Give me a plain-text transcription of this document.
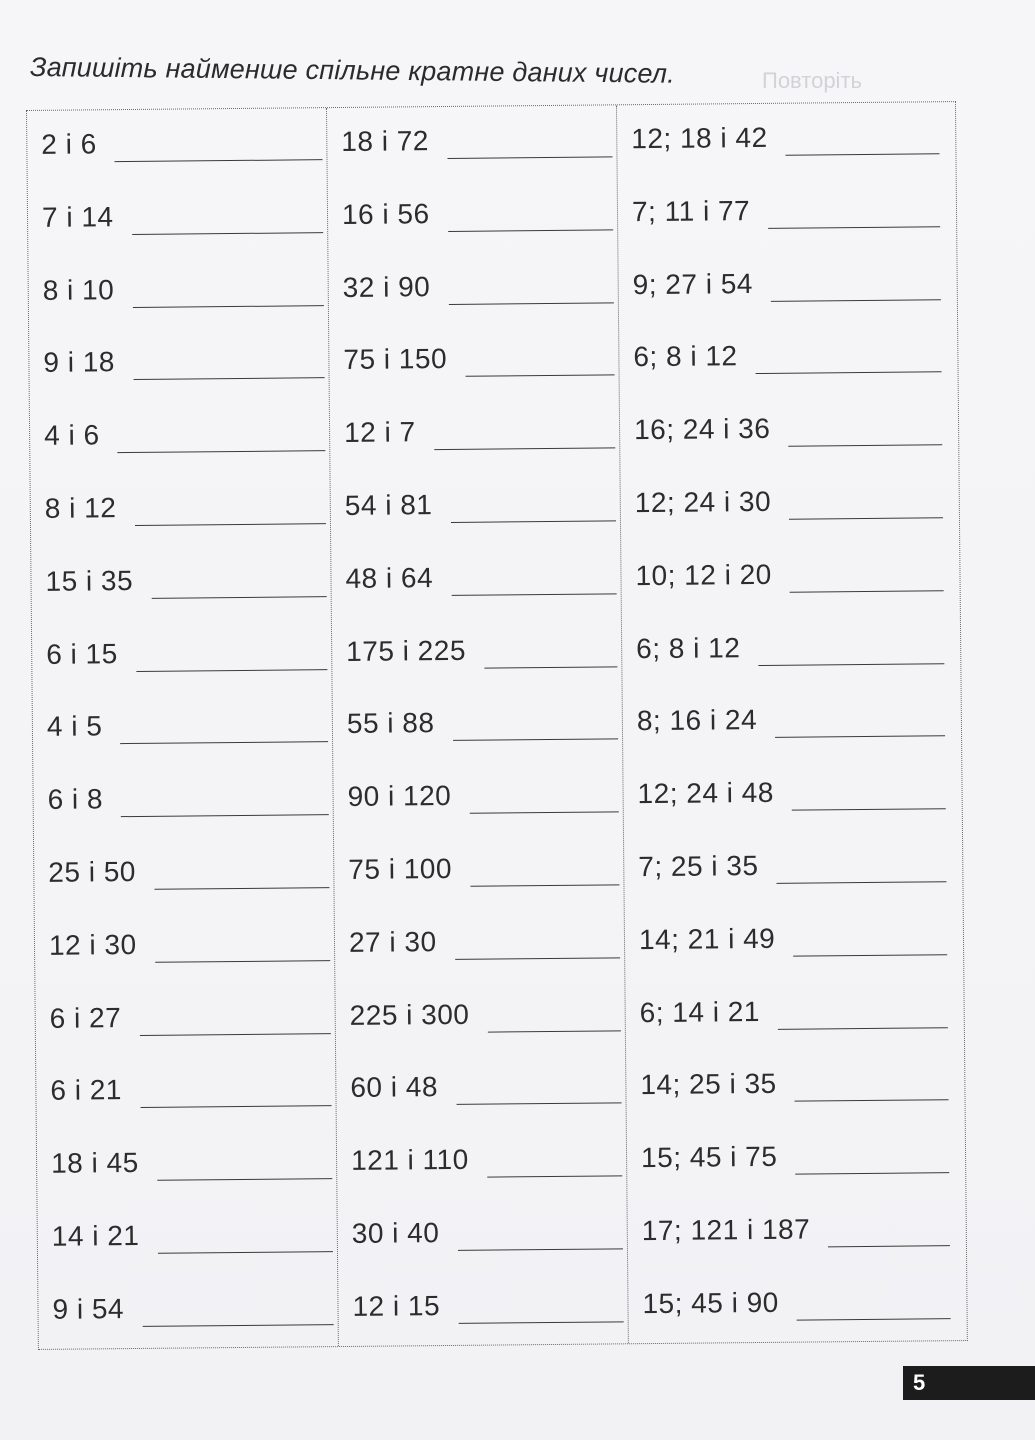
Повторіть
Запишіть найменше спільне кратне даних чисел.
2 і 6
7 і 14
8 і 10
9 і 18
4 і 6
8 і 12
15 і 35
6 і 15
4 і 5
6 і 8
25 і 50
12 і 30
6 і 27
6 і 21
18 і 45
14 і 21
9 і 54
18 і 72
16 і 56
32 і 90
75 і 150
12 і 7
54 і 81
48 і 64
175 і 225
55 і 88
90 і 120
75 і 100
27 і 30
225 і 300
60 і 48
121 і 110
30 і 40
12 і 15
12; 18 і 42
7; 11 і 77
9; 27 і 54
6; 8 і 12
16; 24 і 36
12; 24 і 30
10; 12 і 20
6; 8 і 12
8; 16 і 24
12; 24 і 48
7; 25 і 35
14; 21 і 49
6; 14 і 21
14; 25 і 35
15; 45 і 75
17; 121 і 187
15; 45 і 90
5
